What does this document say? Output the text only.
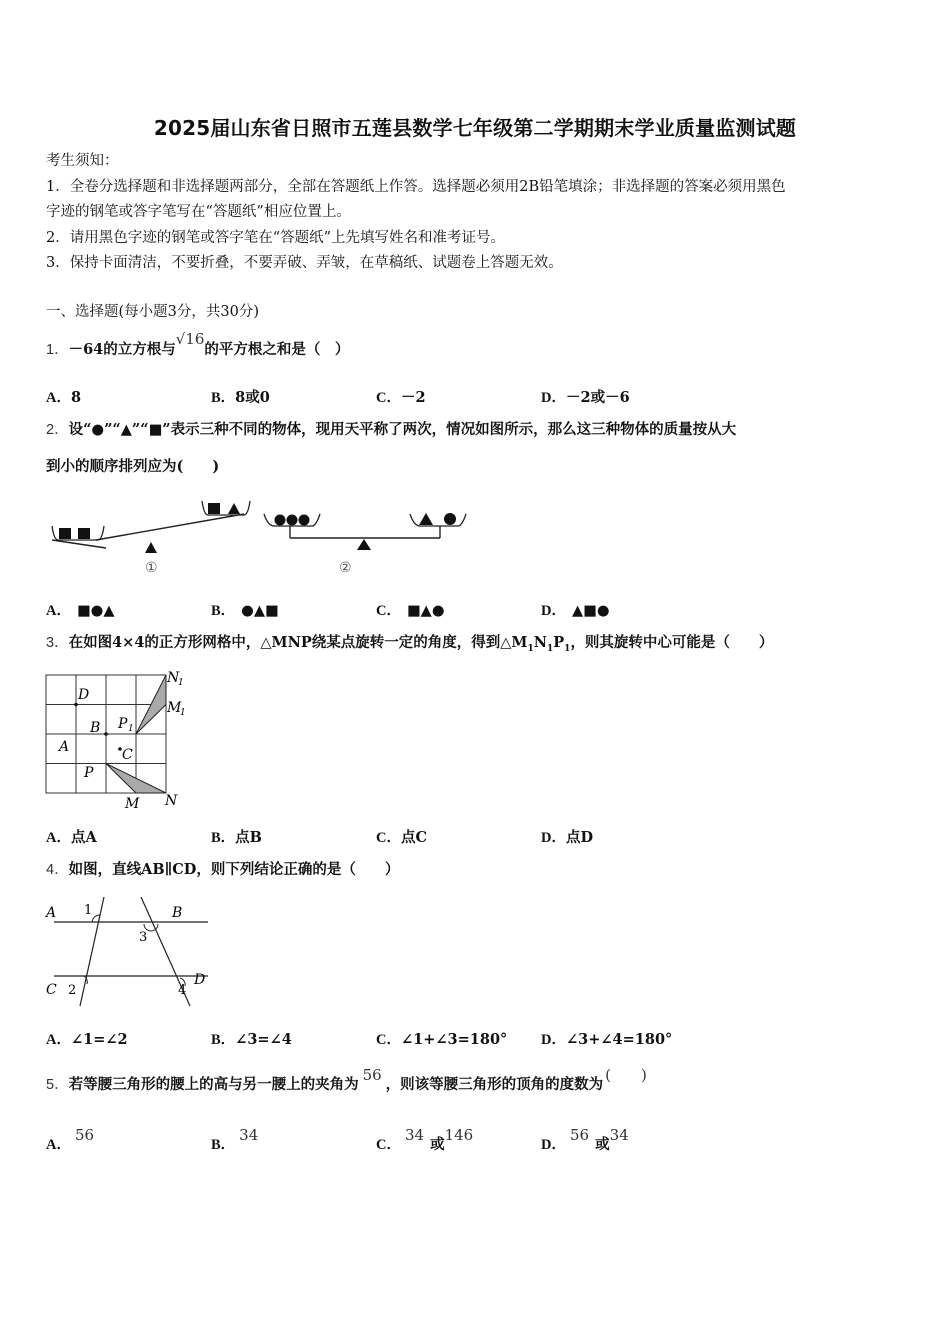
2025届山东省日照市五莲县数学七年级第二学期期末学业质量监测试题
考生须知：
1．全卷分选择题和非选择题两部分，全部在答题纸上作答。选择题必须用2B铅笔填涂；非选择题的答案必须用黑色
字迹的钢笔或答字笔写在“答题纸”相应位置上。
2．请用黑色字迹的钢笔或答字笔在“答题纸”上先填写姓名和准考证号。
3．保持卡面清洁，不要折叠，不要弄破、弄皱，在草稿纸、试题卷上答题无效。
一、选择题(每小题3分，共30分)
1．－64的立方根与√16的平方根之和是（　）
A．8	B．8或0	C．－2	D．－2或－6
2．设“●”“▲”“■”表示三种不同的物体，现用天平称了两次，情况如图所示，那么这三种物体的质量按从大
到小的顺序排列应为(　　)
①	②
A． ■●▲	B． ●▲■	C． ■▲●	D． ▲■●
3．在如图4×4的正方形网格中，△MNP绕某点旋转一定的角度，得到$\triangle M_1N_1P_1$，则其旋转中心可能是（　　）
D
B
A	C
P
P 1
M N
N
1
M
1
A．点A	B．点B	C．点C	D．点D
4．如图，直线AB∥CD，则下列结论正确的是（　　）
A	B
C
D
1
2
3
4
A．∠1=∠2	B．∠3=∠4	C．∠1+∠3=180° D．∠3+∠4=180°
5．若等腰三角形的腰上的高与另一腰上的夹角为56，则该等腰三角形的顶角的度数为(　　)
A．56
B．34
C．34或146
D．56或34
